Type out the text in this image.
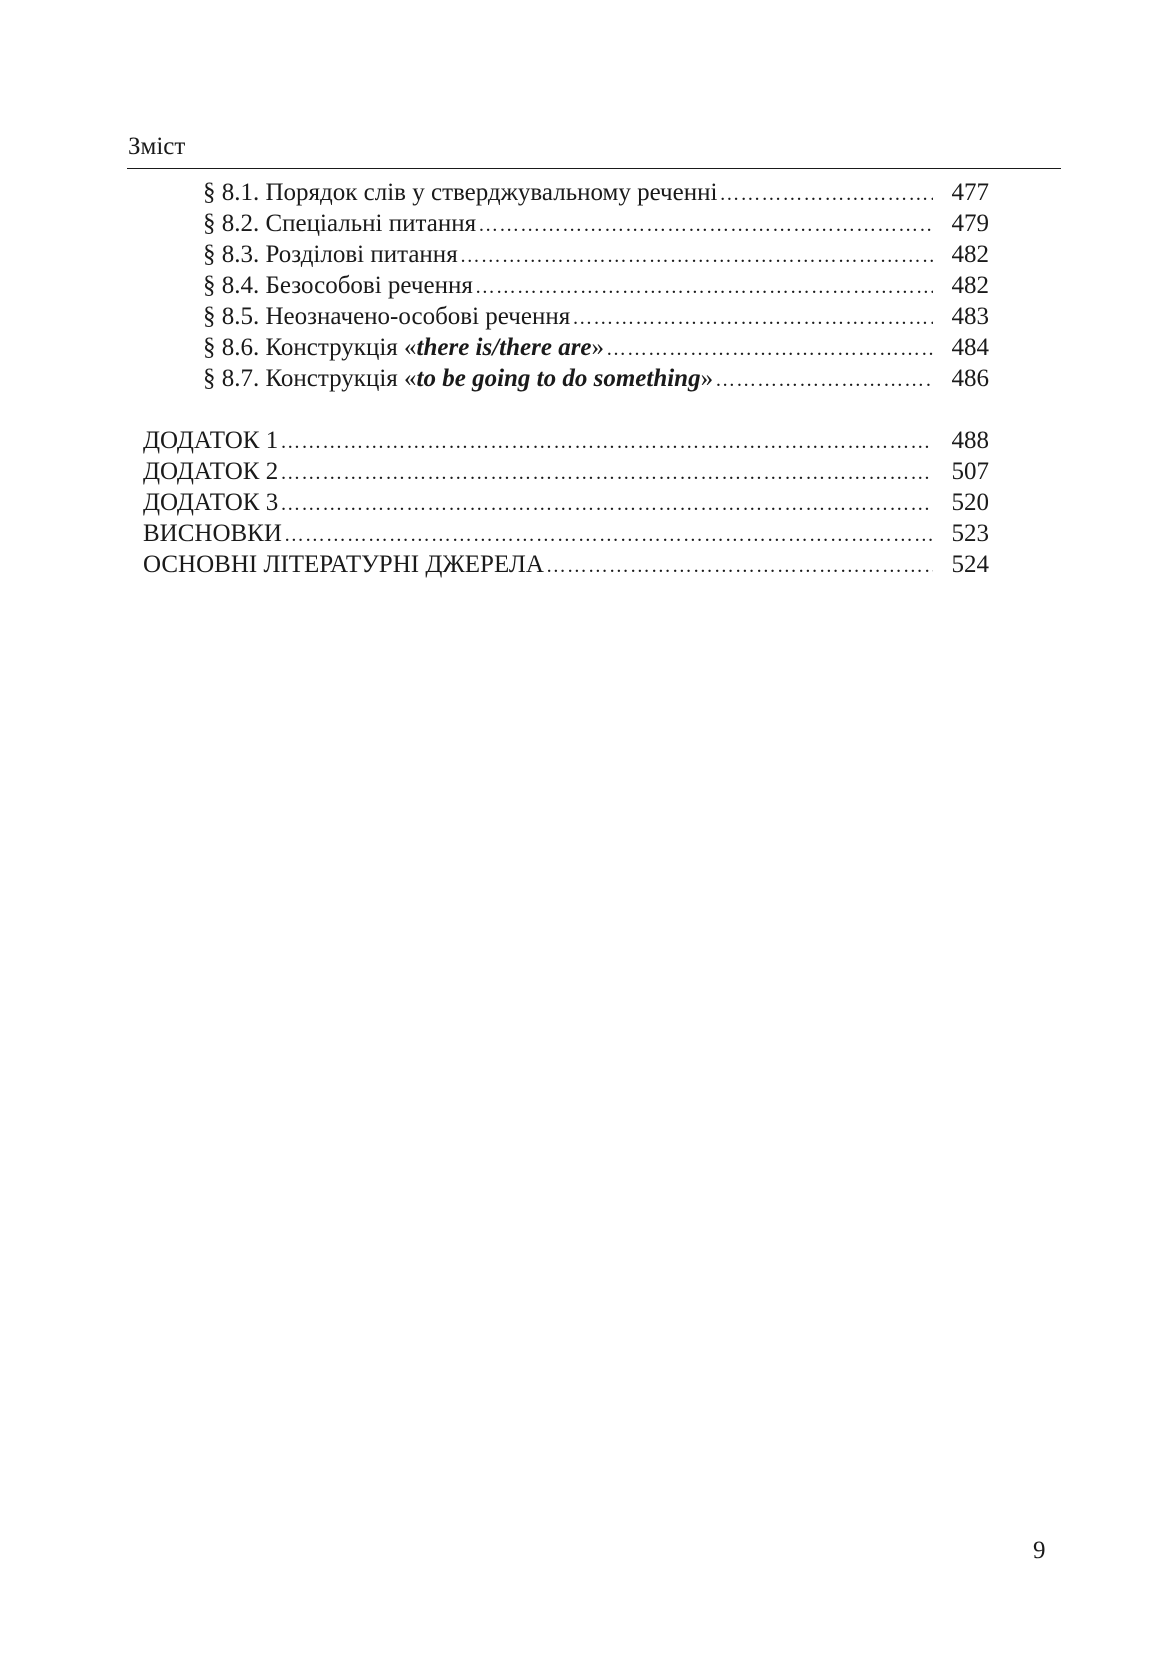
Зміст
§ 8.1. Порядок слів у стверджувальному реченні ………………………………………………………………………………………………………………………………………………………………………………………………	477
§ 8.2. Спеціальні питання ………………………………………………………………………………………………………………………………………………………………………………………………	479
§ 8.3. Розділові питання ………………………………………………………………………………………………………………………………………………………………………………………………	482
§ 8.4. Безособові речення ………………………………………………………………………………………………………………………………………………………………………………………………	482
§ 8.5. Неозначено-особові речення ………………………………………………………………………………………………………………………………………………………………………………………………	483
§ 8.6. Конструкція «there is/there are» ………………………………………………………………………………………………………………………………………………………………………………………………	484
§ 8.7. Конструкція «to be going to do something» ………………………………………………………………………………………………………………………………………………………………………………………………	486
ДОДАТОК 1 ………………………………………………………………………………………………………………………………………………………………………………………………	488
ДОДАТОК 2 ………………………………………………………………………………………………………………………………………………………………………………………………	507
ДОДАТОК 3 ………………………………………………………………………………………………………………………………………………………………………………………………	520
ВИСНОВКИ ………………………………………………………………………………………………………………………………………………………………………………………………	523
ОСНОВНІ ЛІТЕРАТУРНІ ДЖЕРЕЛА ………………………………………………………………………………………………………………………………………………………………………………………………	524
9
